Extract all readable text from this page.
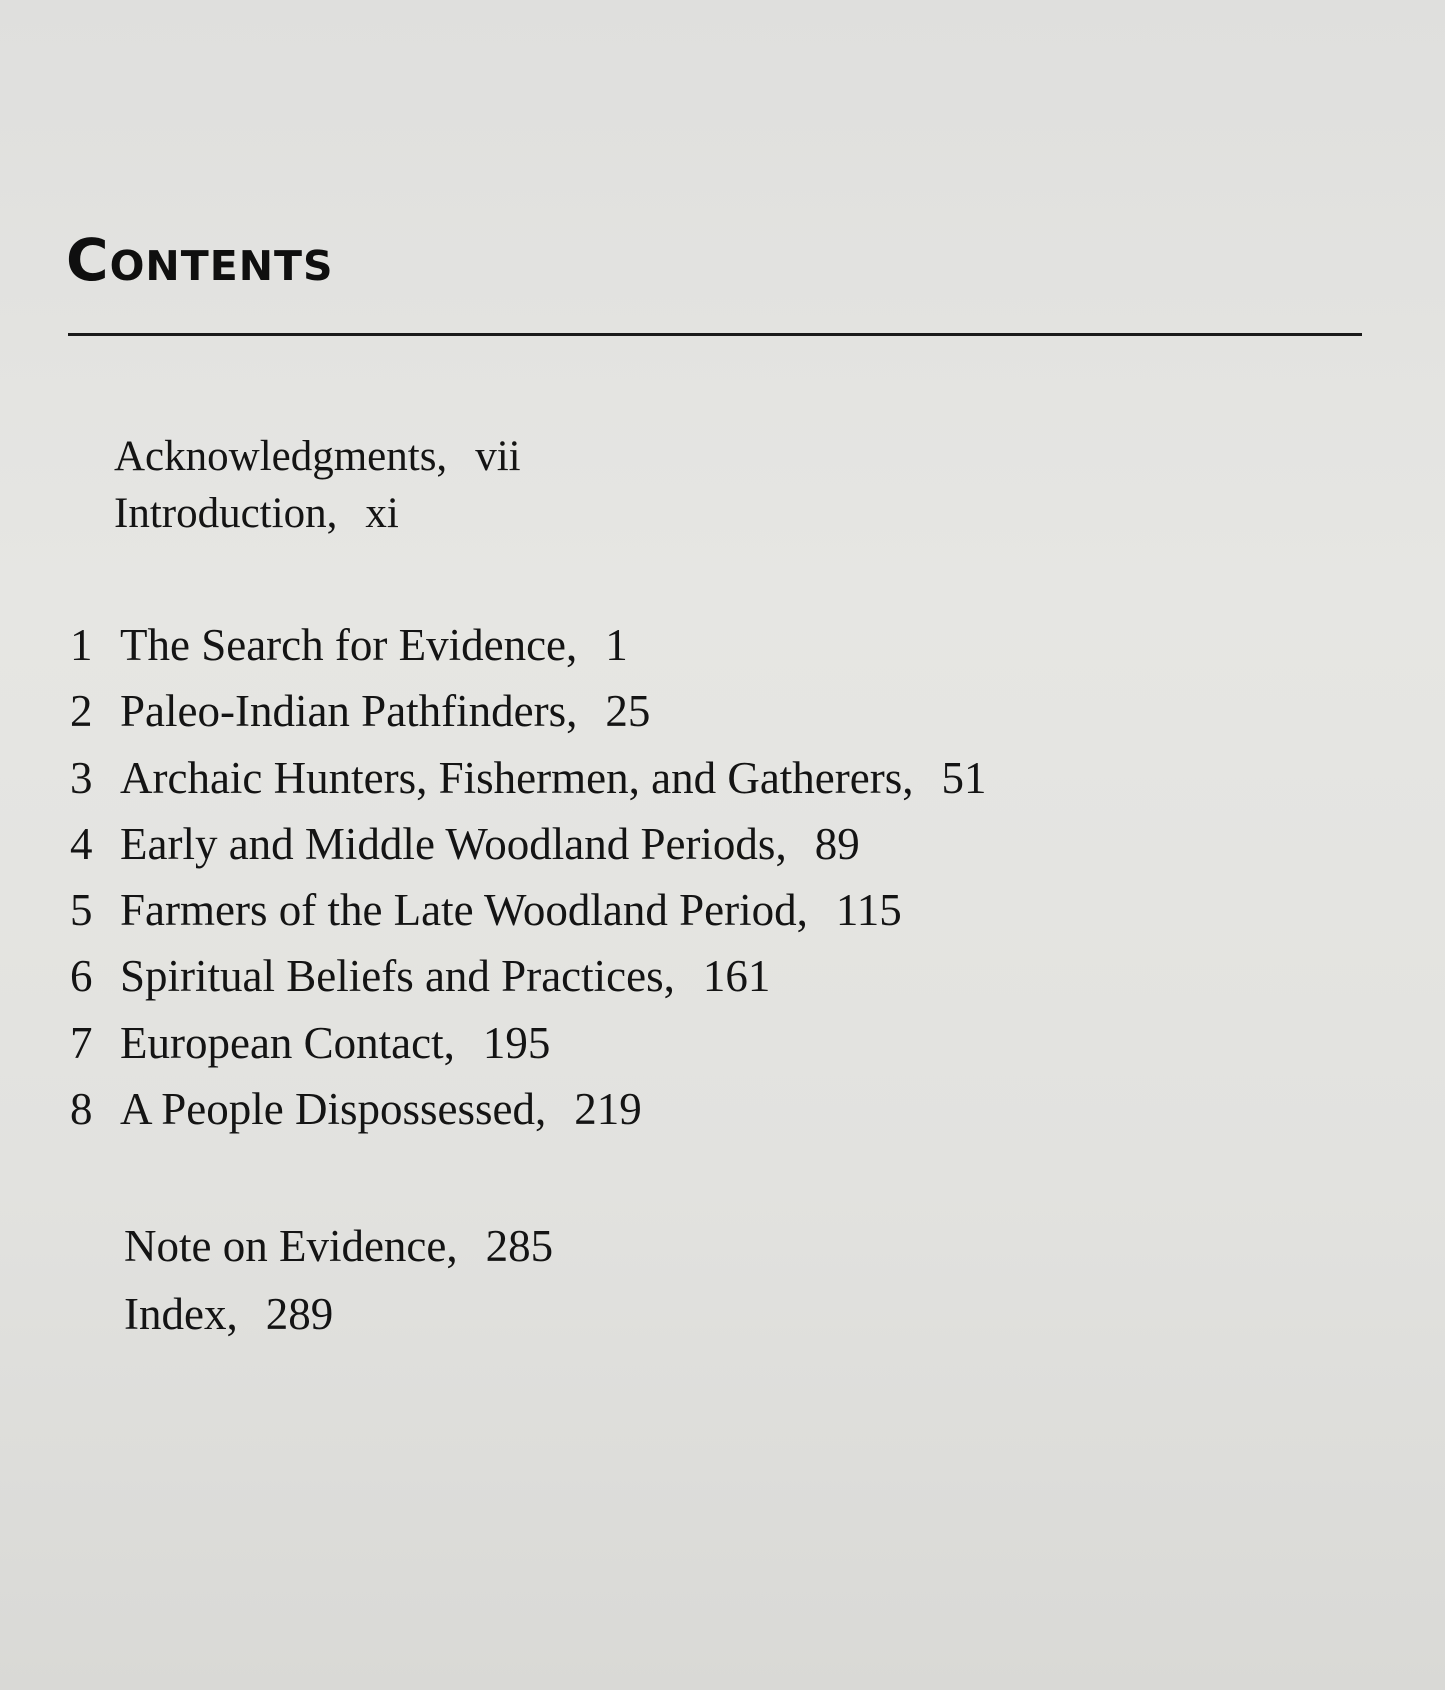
Contents
Acknowledgments, vii
Introduction, xi
1 The Search for Evidence, 1
2 Paleo-Indian Pathfinders, 25
3 Archaic Hunters, Fishermen, and Gatherers, 51
4 Early and Middle Woodland Periods, 89
5 Farmers of the Late Woodland Period, 115
6 Spiritual Beliefs and Practices, 161
7 European Contact, 195
8 A People Dispossessed, 219
Note on Evidence, 285
Index, 289
